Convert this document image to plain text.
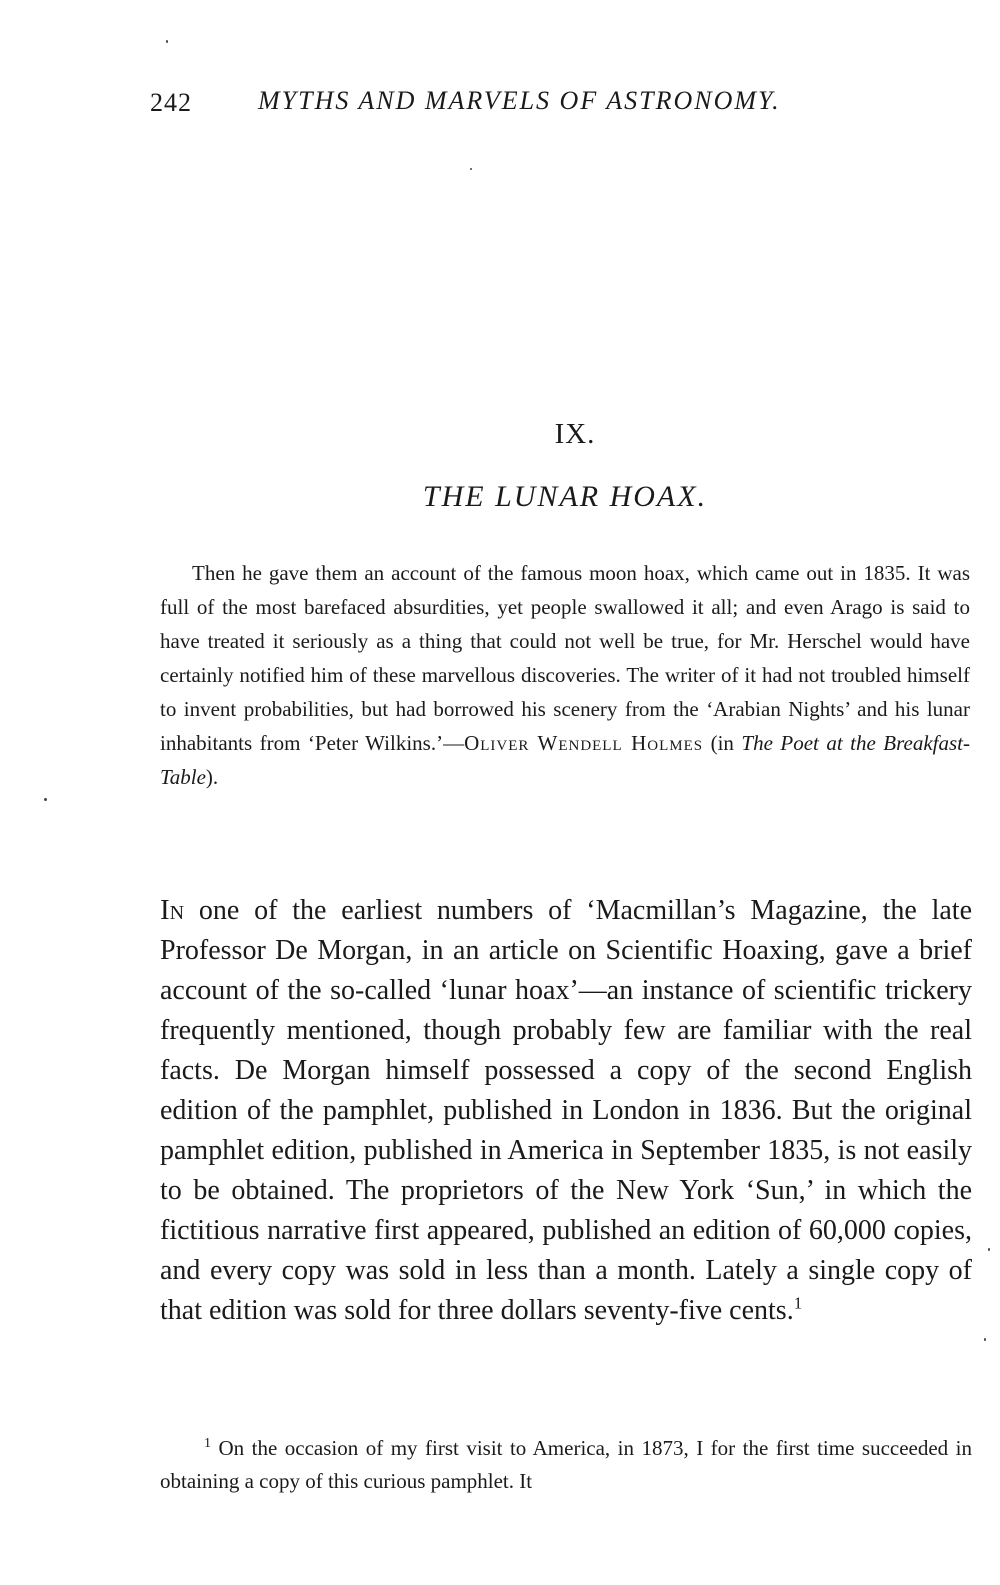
242	MYTHS AND MARVELS OF ASTRONOMY.
IX.
THE LUNAR HOAX.

Then he gave them an account of the famous moon hoax, which came out in 1835. It was full of the most barefaced absurdities, yet people swallowed it all; and even Arago is said to have treated it seriously as a thing that could not well be true, for Mr. Herschel would have certainly notified him of these marvellous discoveries. The writer of it had not troubled himself to invent probabilities, but had borrowed his scenery from the ‘Arabian Nights’ and his lunar inhabitants from ‘Peter Wilkins.’—Oliver Wendell Holmes (in The Poet at the Breakfast-Table).

In one of the earliest numbers of ‘Macmillan’s Magazine, the late Professor De Morgan, in an article on Scientific Hoaxing, gave a brief account of the so-called ‘lunar hoax’—an instance of scientific trickery frequently mentioned, though probably few are familiar with the real facts. De Morgan himself possessed a copy of the second English edition of the pamphlet, published in London in 1836. But the original pamphlet edition, published in America in September 1835, is not easily to be obtained. The proprietors of the New York ‘Sun,’ in which the fictitious narrative first appeared, published an edition of 60,000 copies, and every copy was sold in less than a month. Lately a single copy of that edition was sold for three dollars seventy-five cents.$^1$

$^1$ On the occasion of my first visit to America, in 1873, I for the first time succeeded in obtaining a copy of this curious pamphlet. It
